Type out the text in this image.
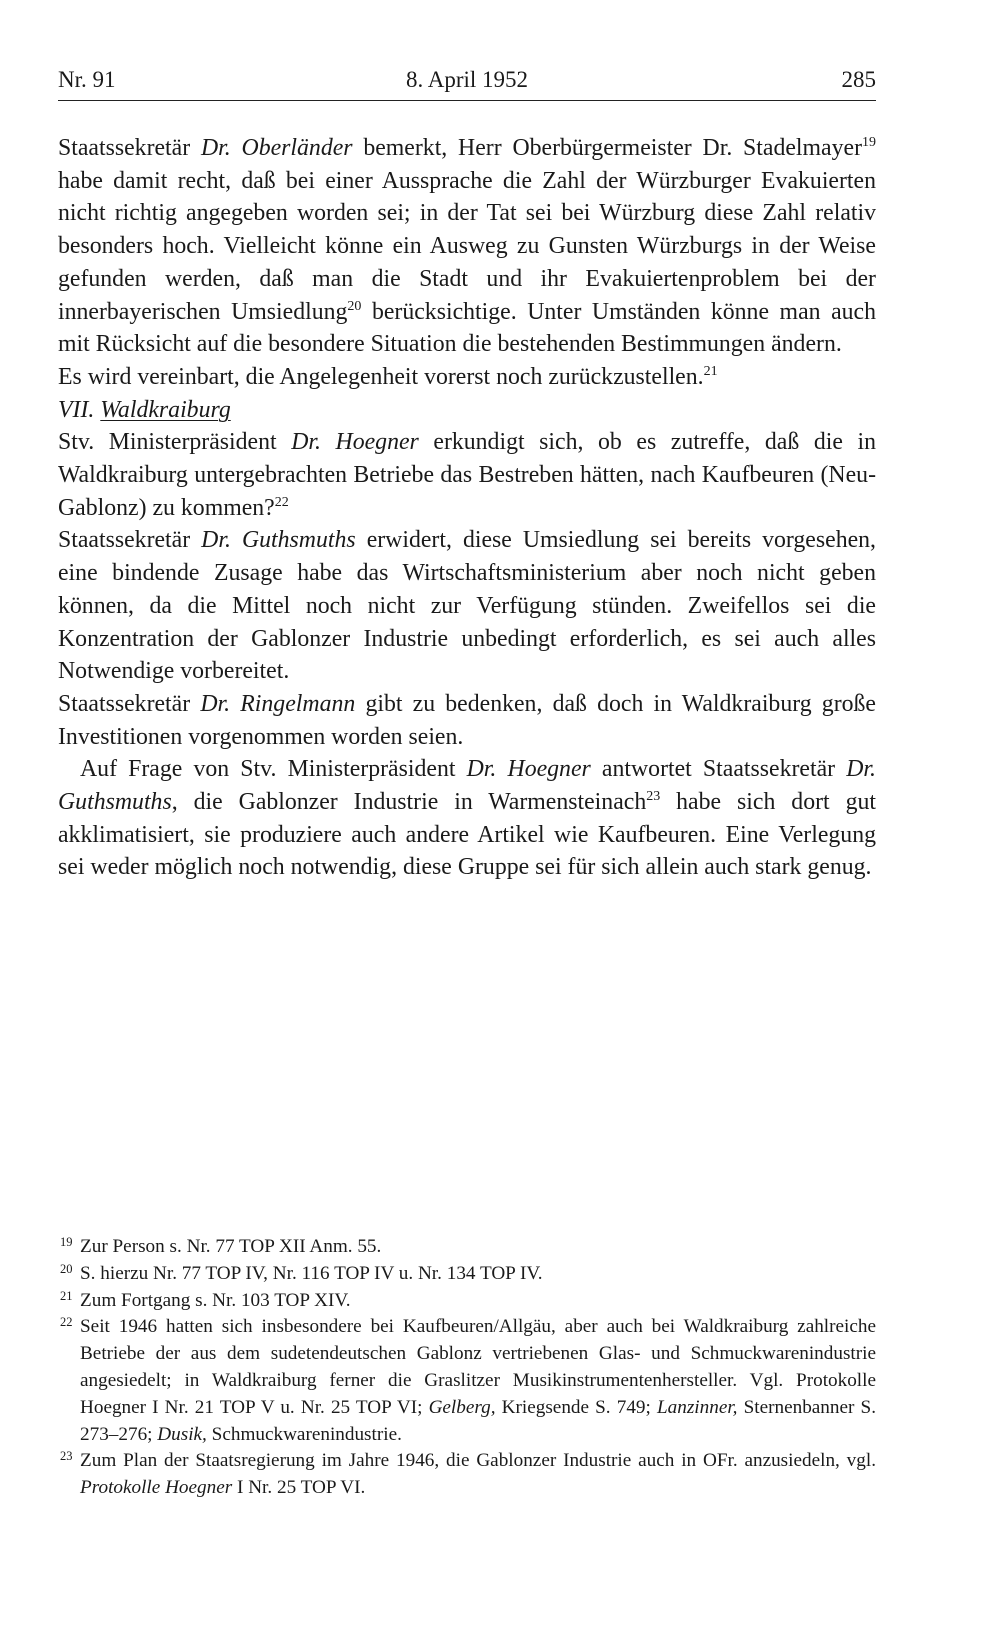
Nr. 91	8. April 1952	285

Staatssekretär Dr. Oberländer bemerkt, Herr Oberbürgermeister Dr. Stadelmayer$^{19}$ habe damit recht, daß bei einer Aussprache die Zahl der Würzburger Evakuierten nicht richtig angegeben worden sei; in der Tat sei bei Würzburg diese Zahl relativ besonders hoch. Vielleicht könne ein Ausweg zu Gunsten Würzburgs in der Weise gefunden werden, daß man die Stadt und ihr Evakuiertenproblem bei der innerbayerischen Umsiedlung$^{20}$ berücksichtige. Unter Umständen könne man auch mit Rücksicht auf die besondere Situation die bestehenden Bestimmungen ändern.

Es wird vereinbart, die Angelegenheit vorerst noch zurückzustellen.$^{21}$

VII. Waldkraiburg

Stv. Ministerpräsident Dr. Hoegner erkundigt sich, ob es zutreffe, daß die in Waldkraiburg untergebrachten Betriebe das Bestreben hätten, nach Kaufbeuren (Neu-Gablonz) zu kommen?$^{22}$

Staatssekretär Dr. Guthsmuths erwidert, diese Umsiedlung sei bereits vorgesehen, eine bindende Zusage habe das Wirtschaftsministerium aber noch nicht geben können, da die Mittel noch nicht zur Verfügung stünden. Zweifellos sei die Konzentration der Gablonzer Industrie unbedingt erforderlich, es sei auch alles Notwendige vorbereitet.

Staatssekretär Dr. Ringelmann gibt zu bedenken, daß doch in Waldkraiburg große Investitionen vorgenommen worden seien.

Auf Frage von Stv. Ministerpräsident Dr. Hoegner antwortet Staatssekretär Dr. Guthsmuths, die Gablonzer Industrie in Warmensteinach$^{23}$ habe sich dort gut akklimatisiert, sie produziere auch andere Artikel wie Kaufbeuren. Eine Verlegung sei weder möglich noch notwendig, diese Gruppe sei für sich allein auch stark genug.

19 Zur Person s. Nr. 77 TOP XII Anm. 55.

20 S. hierzu Nr. 77 TOP IV, Nr. 116 TOP IV u. Nr. 134 TOP IV.

21 Zum Fortgang s. Nr. 103 TOP XIV.

22 Seit 1946 hatten sich insbesondere bei Kaufbeuren/Allgäu, aber auch bei Waldkraiburg zahlreiche Betriebe der aus dem sudetendeutschen Gablonz vertriebenen Glas- und Schmuckwarenindustrie angesiedelt; in Waldkraiburg ferner die Graslitzer Musikinstrumentenhersteller. Vgl. Protokolle Hoegner I Nr. 21 TOP V u. Nr. 25 TOP VI; Gelberg, Kriegsende S. 749; Lanzinner, Sternenbanner S. 273–276; Dusik, Schmuckwarenindustrie.

23 Zum Plan der Staatsregierung im Jahre 1946, die Gablonzer Industrie auch in OFr. anzusiedeln, vgl. Protokolle Hoegner I Nr. 25 TOP VI.
